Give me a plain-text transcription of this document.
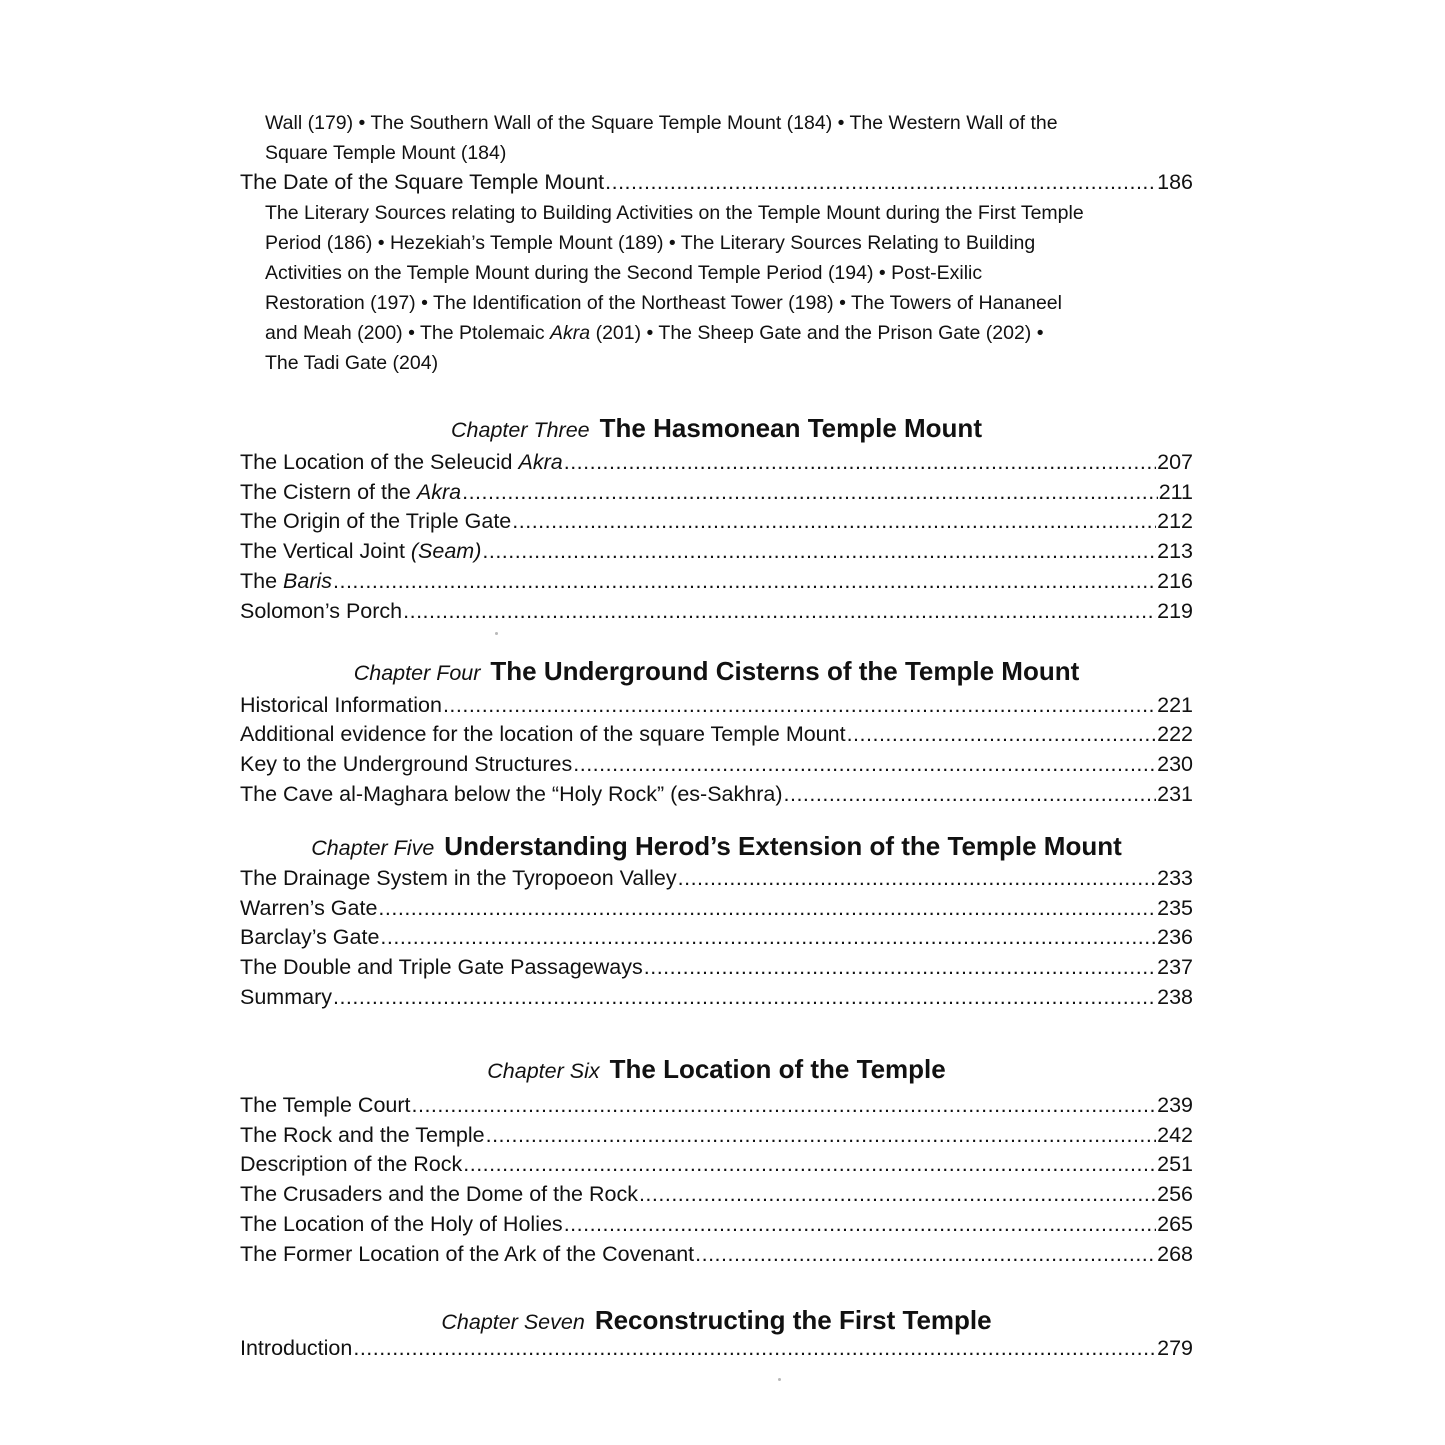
Wall (179) • The Southern Wall of the Square Temple Mount (184) • The Western Wall of the
Square Temple Mount (184)
The Date of the Square Temple Mount .....	186
The Literary Sources relating to Building Activities on the Temple Mount during the First Temple
Period (186) • Hezekiah’s Temple Mount (189) • The Literary Sources Relating to Building
Activities on the Temple Mount during the Second Temple Period (194) • Post-Exilic
Restoration (197) • The Identification of the Northeast Tower (198) • The Towers of Hananeel
and Meah (200) • The Ptolemaic Akra (201) • The Sheep Gate and the Prison Gate (202) •
The Tadi Gate (204)
Chapter Three The Hasmonean Temple Mount
The Location of the Seleucid Akra .....	207
The Cistern of the Akra .....	211
The Origin of the Triple Gate .....	212
The Vertical Joint (Seam) .....	213
The Baris .....	216
Solomon’s Porch .....	219
Chapter Four The Underground Cisterns of the Temple Mount
Historical Information .....	221
Additional evidence for the location of the square Temple Mount .....	222
Key to the Underground Structures .....	230
The Cave al-Maghara below the “Holy Rock” (es-Sakhra) .....	231
Chapter Five Understanding Herod’s Extension of the Temple Mount
The Drainage System in the Tyropoeon Valley .....	233
Warren’s Gate .....	235
Barclay’s Gate .....	236
The Double and Triple Gate Passageways .....	237
Summary .....	238
Chapter Six The Location of the Temple
The Temple Court .....	239
The Rock and the Temple .....	242
Description of the Rock .....	251
The Crusaders and the Dome of the Rock .....	256
The Location of the Holy of Holies .....	265
The Former Location of the Ark of the Covenant .....	268
Chapter Seven Reconstructing the First Temple
Introduction .....	279
